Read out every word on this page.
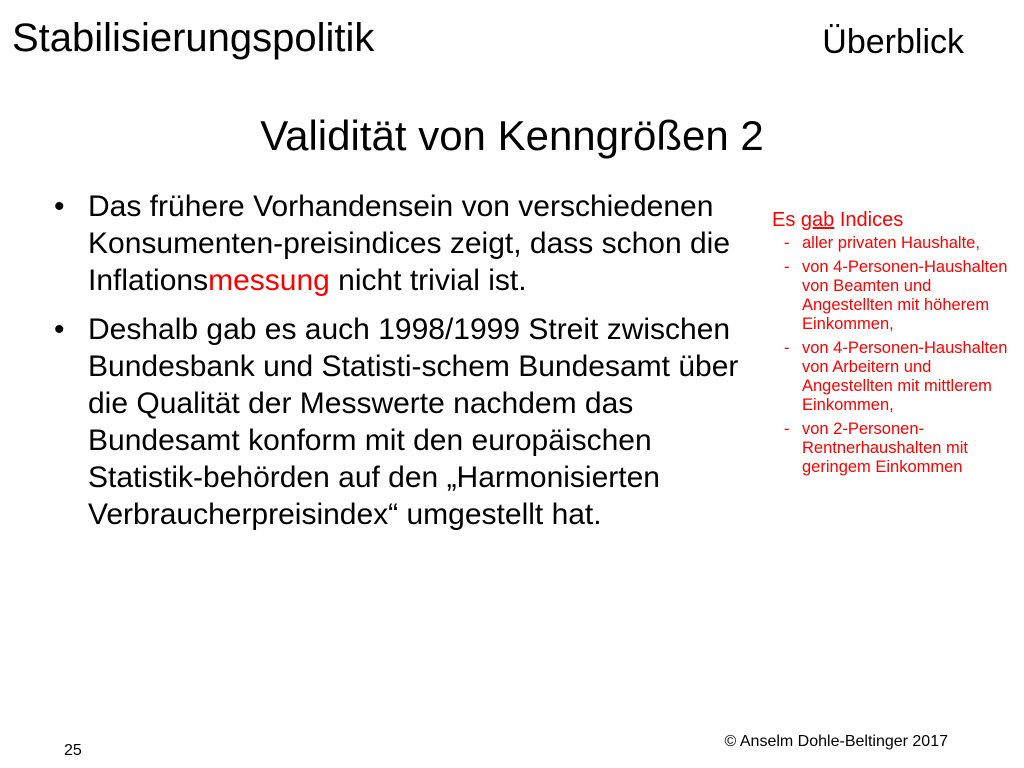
Stabilisierungspolitik	Überblick
Validität von Kenngrößen 2
• Das frühere Vorhandensein von verschiedenen Konsumenten-preisindices zeigt, dass schon die Inflationsmessung nicht trivial ist.
• Deshalb gab es auch 1998/1999 Streit zwischen Bundesbank und Statisti-schem Bundesamt über die Qualität der Messwerte nachdem das Bundesamt konform mit den europäischen Statistik-behörden auf den „Harmonisierten Verbraucherpreisindex“ umgestellt hat.
Es gab Indices
- aller privaten Haushalte,
- von 4-Personen-Haushalten von Beamten und Angestellten mit höherem Einkommen,
- von 4-Personen-Haushalten von Arbeitern und Angestellten mit mittlerem Einkommen,
- von 2-Personen-Rentnerhaushalten mit geringem Einkommen
25
© Anselm Dohle-Beltinger 2017
